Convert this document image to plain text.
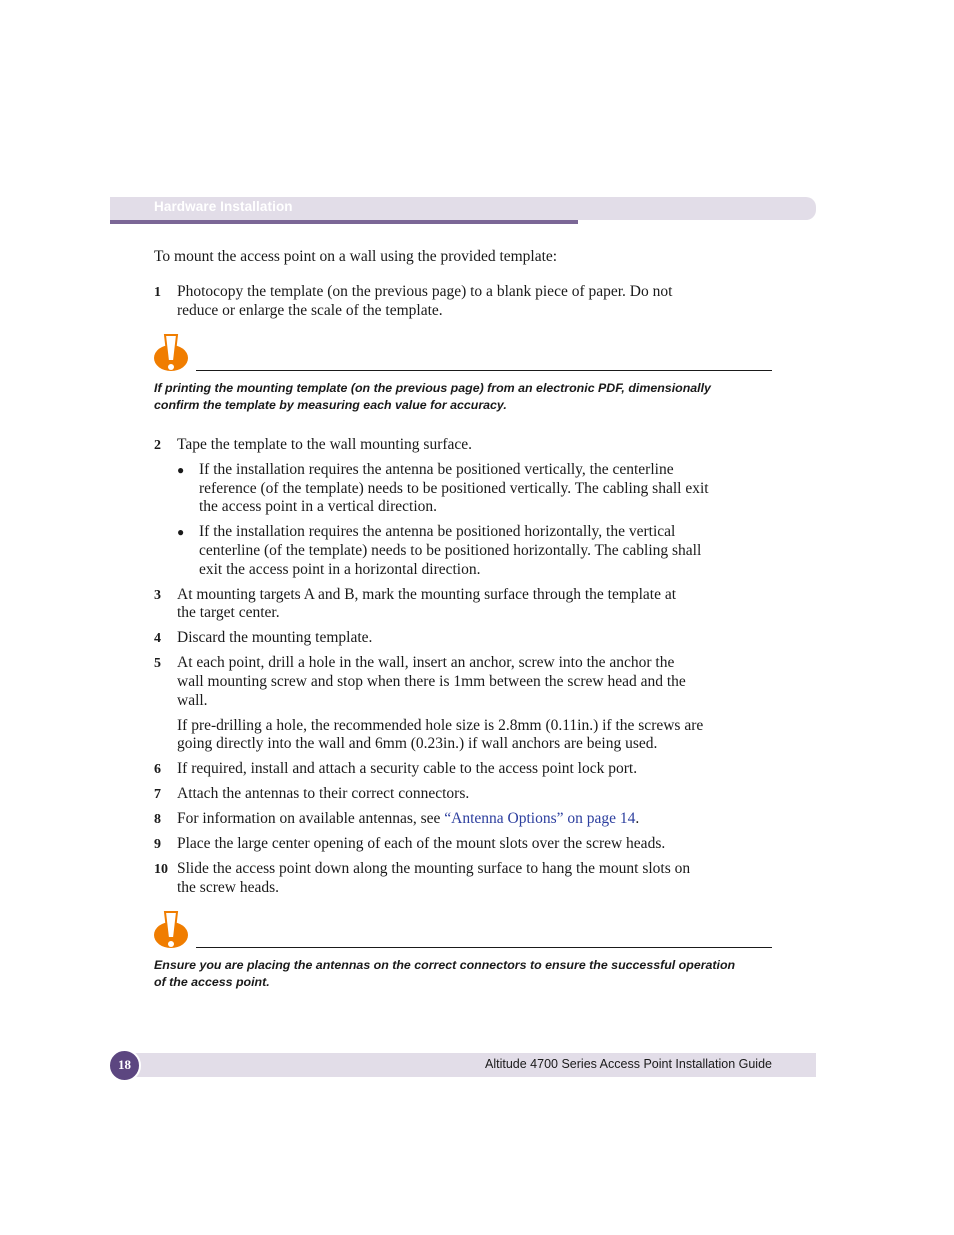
Hardware Installation
To mount the access point on a wall using the provided template:
1 Photocopy the template (on the previous page) to a blank piece of paper. Do not
reduce or enlarge the scale of the template.
If printing the mounting template (on the previous page) from an electronic PDF, dimensionally
confirm the template by measuring each value for accuracy.
2 Tape the template to the wall mounting surface.
● If the installation requires the antenna be positioned vertically, the centerline
reference (of the template) needs to be positioned vertically. The cabling shall exit
the access point in a vertical direction.
● If the installation requires the antenna be positioned horizontally, the vertical
centerline (of the template) needs to be positioned horizontally. The cabling shall
exit the access point in a horizontal direction.
3 At mounting targets A and B, mark the mounting surface through the template at
the target center.
4 Discard the mounting template.
5 At each point, drill a hole in the wall, insert an anchor, screw into the anchor the
wall mounting screw and stop when there is 1mm between the screw head and the
wall.
If pre-drilling a hole, the recommended hole size is 2.8mm (0.11in.) if the screws are
going directly into the wall and 6mm (0.23in.) if wall anchors are being used.
6 If required, install and attach a security cable to the access point lock port.
7 Attach the antennas to their correct connectors.
8 For information on available antennas, see “Antenna Options” on page 14.
9 Place the large center opening of each of the mount slots over the screw heads.
10 Slide the access point down along the mounting surface to hang the mount slots on
the screw heads.
Ensure you are placing the antennas on the correct connectors to ensure the successful operation
of the access point.
18	Altitude 4700 Series Access Point Installation Guide
